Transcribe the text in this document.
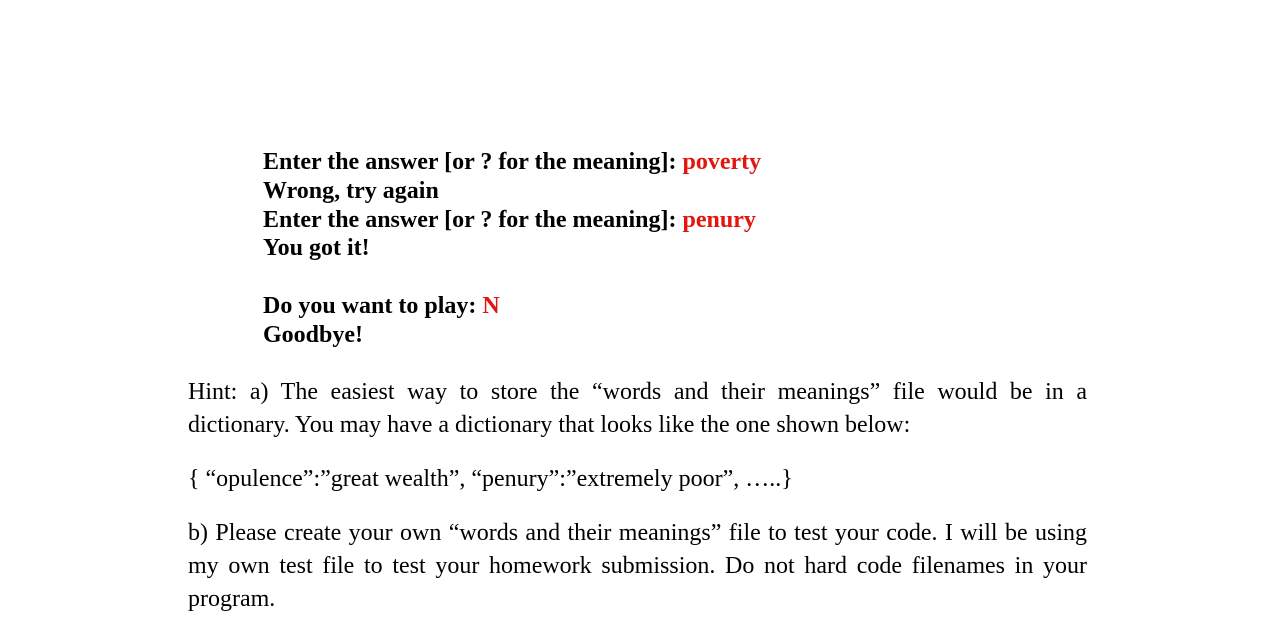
Enter the answer [or ? for the meaning]: poverty
Wrong, try again
Enter the answer [or ? for the meaning]: penury
You got it!
Do you want to play: N
Goodbye!

Hint: a) The easiest way to store the “words and their meanings” file would be in a dictionary. You may have a dictionary that looks like the one shown below:

{ “opulence”:”great wealth”, “penury”:”extremely poor”, …..}

b) Please create your own “words and their meanings” file to test your code. I will be using my own test file to test your homework submission. Do not hard code filenames in your program.
